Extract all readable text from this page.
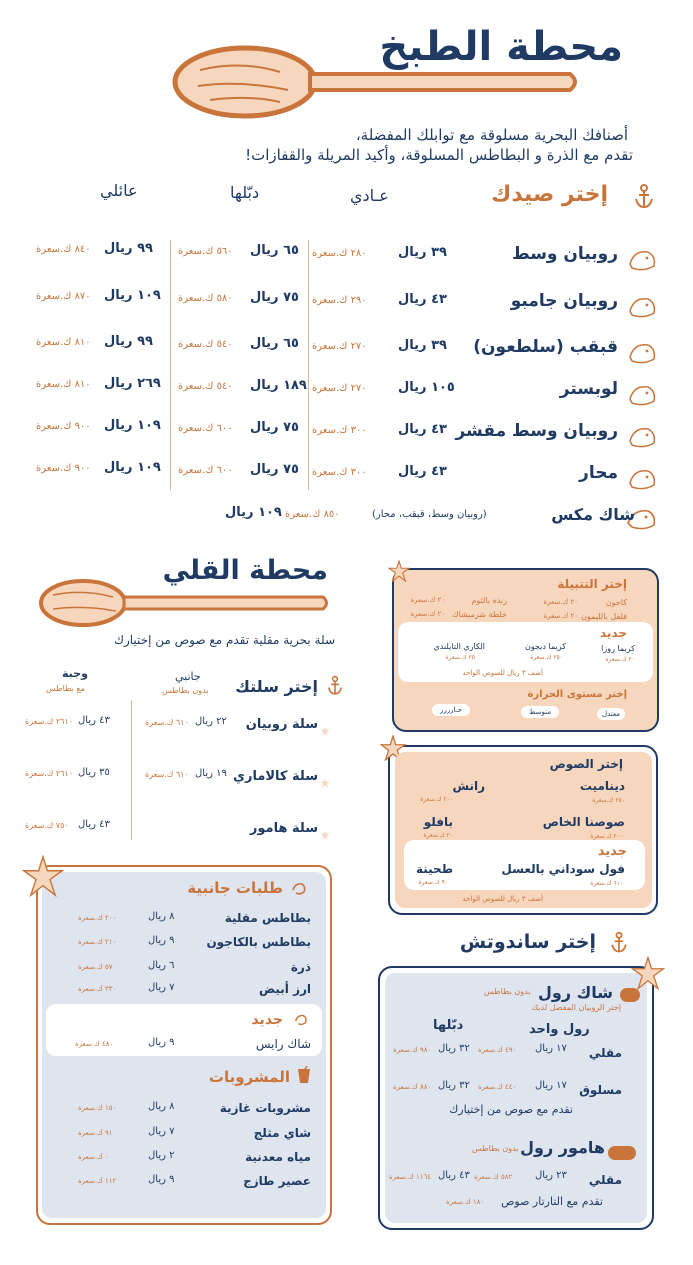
محطة الطبخ
أصنافك البحرية مسلوقة مع توابلك المفضلة،
تقدم مع الذرة و البطاطس المسلوقة، وأكيد المريلة والقفازات!
إختر صيدك
عـادي
دبّلها
عائلي
شاك مكس
(روبيان وسط، قبقب، محار)
٨٥٠ ك.سعرة
١٠٩ ريال
محطة القلي
سلة بحرية مقلية تقدم مع صوص من إختيارك
إختر سلتك
جانبي
بدون بطاطس
وجبة
مع بطاطس
إختر التتبيلة
كاجون
٢٠ ك.سعرة
زبدة بالثوم
٢٠ ك.سعرة
فلفل بالليمون
٢٠ ك.سعرة
خلطة شرمبشاك
٢٠ ك.سعرة
جديد
كريما روزا
٢٠ ك.سعرة
كريما ديجون
٢٥٠ ك.سعرة
الكاري التايلندي
٢٥ ك.سعرة
أضف ٣ ريال للصوص الواحد
إختر مستوى الحرارة
معتدل
متوسط
حـارررر
إختر الصوص
ديناميت
٢٥٠ ك.سعرة
رانش
٢٠٠ ك.سعرة
صوصنا الخاص
٢٠٠ ك.سعرة
بافلو
٢٠ ك.سعرة
جديد
فول سوداني بالعسل
٦١٠ ك.سعرة
طحينة
٩٠ ك.سعرة
أضف ٣ ريال للصوص الواحد
طلبات جانبية
جديد
شاك رايس
٩ ريال
٤٨٠ ك.سعرة
المشروبات
إختر ساندوتش
شاك رول
بدون بطاطس
إختر الروبيان المفضل لديك
رول واحد
دبّلها
تقدم مع صوص من إختيارك
هامور رول
بدون بطاطس
تقدم مع التارتار صوص
١٨٠ ك.سعرة
روبيان وسط
٣٩ ريال
٢٨٠ ك.سعرة
٦٥ ريال
٥٦٠ ك.سعرة
٩٩ ريال
٨٤٠ ك.سعرة
روبيان جامبو
٤٣ ريال
٢٩٠ ك.سعرة
٧٥ ريال
٥٨٠ ك.سعرة
١٠٩ ريال
٨٧٠ ك.سعرة
قبقب (سلطعون)
٣٩ ريال
٢٧٠ ك.سعرة
٦٥ ريال
٥٤٠ ك.سعرة
٩٩ ريال
٨١٠ ك.سعرة
لوبستر
١٠٥ ريال
٢٧٠ ك.سعرة
١٨٩ ريال
٥٤٠ ك.سعرة
٢٦٩ ريال
٨١٠ ك.سعرة
روبيان وسط مقشر
٤٣ ريال
٣٠٠ ك.سعرة
٧٥ ريال
٦٠٠ ك.سعرة
١٠٩ ريال
٩٠٠ ك.سعرة
محار
٤٣ ريال
٣٠٠ ك.سعرة
٧٥ ريال
٦٠٠ ك.سعرة
١٠٩ ريال
٩٠٠ ك.سعرة
سلة روبيان
٢٢ ريال
٦١٠ ك.سعرة
٤٣ ريال
٢٦١٠ ك.سعرة
سلة كالاماري
١٩ ريال
٦١٠ ك.سعرة
٣٥ ريال
٢٦١٠ ك.سعرة
سلة هامور
٤٣ ريال
٧٥٠ ك.سعرة
بطاطس مقلية
٨ ريال
٢٠٠ ك.سعرة
بطاطس بالكاجون
٩ ريال
٢١٠ ك.سعرة
ذرة
٦ ريال
٥٧ ك.سعرة
ارز أبيض
٧ ريال
٣٣٠ ك.سعرة
مشروبات غازية
٨ ريال
١٥٠ ك.سعرة
شاي مثلج
٧ ريال
٩١ ك.سعرة
مياه معدنية
٢ ريال
٠ ك.سعرة
عصير طازج
٩ ريال
١١٢ ك.سعرة
مقلي
١٧ ريال
٤٩٠ ك.سعرة
٣٢ ريال
٩٨٠ ك.سعرة
مسلوق
١٧ ريال
٤٤٠ ك.سعرة
٣٢ ريال
٨٨٠ ك.سعرة
مقلي
٢٣ ريال
٥٨٢ ك.سعرة
٤٣ ريال
١١٦٤ ك.سعرة
